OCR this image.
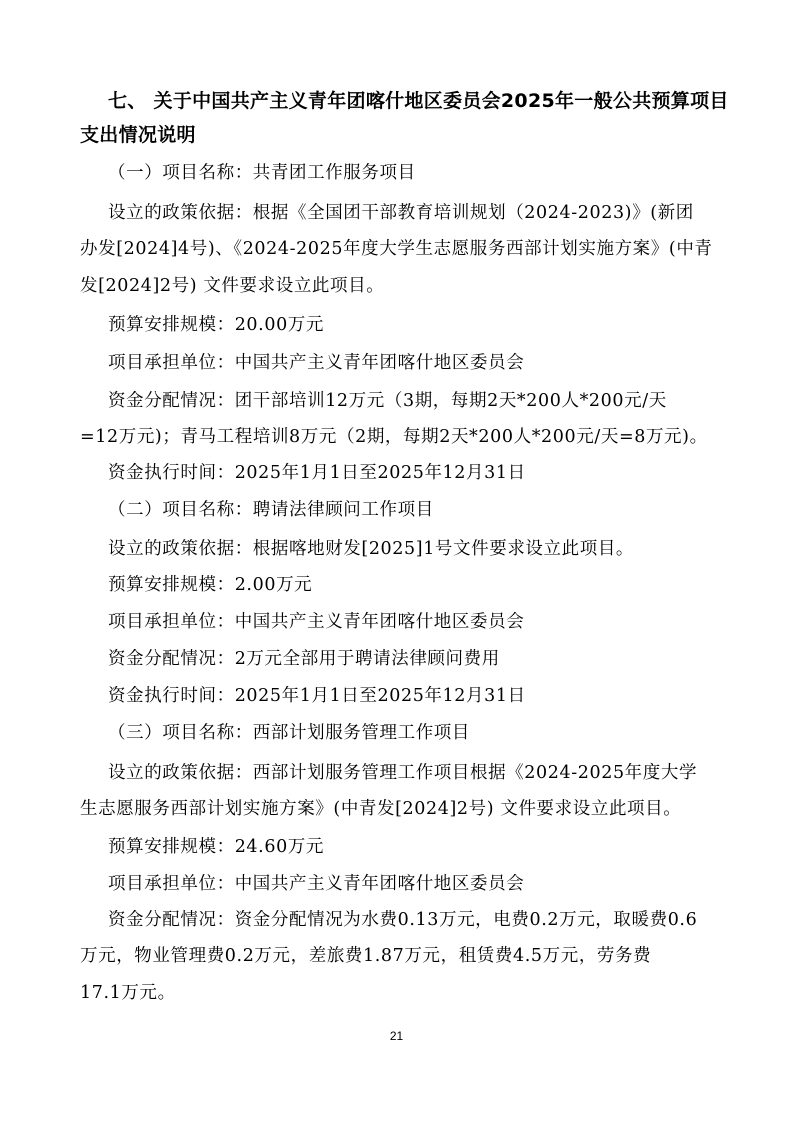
七、 关于中国共产主义青年团喀什地区委员会2025年一般公共预算项目
支出情况说明
（一）项目名称：共青团工作服务项目
设立的政策依据：根据《全国团干部教育培训规划（2024-2023)》(新团
办发[2024]4号)、《2024-2025年度大学生志愿服务西部计划实施方案》(中青
发[2024]2号) 文件要求设立此项目。
预算安排规模：20.00万元
项目承担单位：中国共产主义青年团喀什地区委员会
资金分配情况：团干部培训12万元（3期，每期2天*200人*200元/天
=12万元)；青马工程培训8万元（2期，每期2天*200人*200元/天=8万元)。
资金执行时间：2025年1月1日至2025年12月31日
（二）项目名称：聘请法律顾问工作项目
设立的政策依据：根据喀地财发[2025]1号文件要求设立此项目。
预算安排规模：2.00万元
项目承担单位：中国共产主义青年团喀什地区委员会
资金分配情况：2万元全部用于聘请法律顾问费用
资金执行时间：2025年1月1日至2025年12月31日
（三）项目名称：西部计划服务管理工作项目
设立的政策依据：西部计划服务管理工作项目根据《2024-2025年度大学
生志愿服务西部计划实施方案》(中青发[2024]2号) 文件要求设立此项目。
预算安排规模：24.60万元
项目承担单位：中国共产主义青年团喀什地区委员会
资金分配情况：资金分配情况为水费0.13万元，电费0.2万元，取暖费0.6
万元，物业管理费0.2万元，差旅费1.87万元，租赁费4.5万元，劳务费
17.1万元。
21
